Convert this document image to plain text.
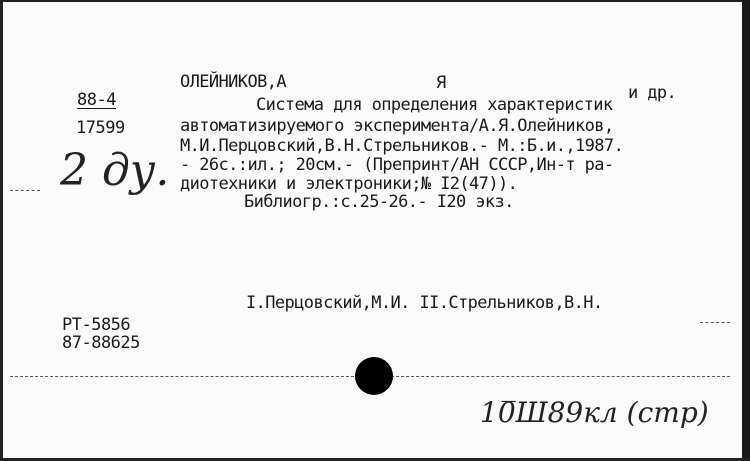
88-4
17599
2 ду.
ОЛЕЙНИКОВ,А	Я	и др.
Система для определения характеристик
автоматизируемого эксперимента/А.Я.Олейников,
М.И.Перцовский,В.Н.Стрельников.- М.:Б.и.,1987.
- 26с.:ил.; 20см.- (Препринт/АН СССР,Ин-т ра-
диотехники и электроники;№ I2(47)).
Библиогр.:с.25-26.- I20 экз.
I.Перцовский,М.И. II.Стрельников,В.Н.
РТ-5856
87-88625
10̅Ш89кл (стр)
